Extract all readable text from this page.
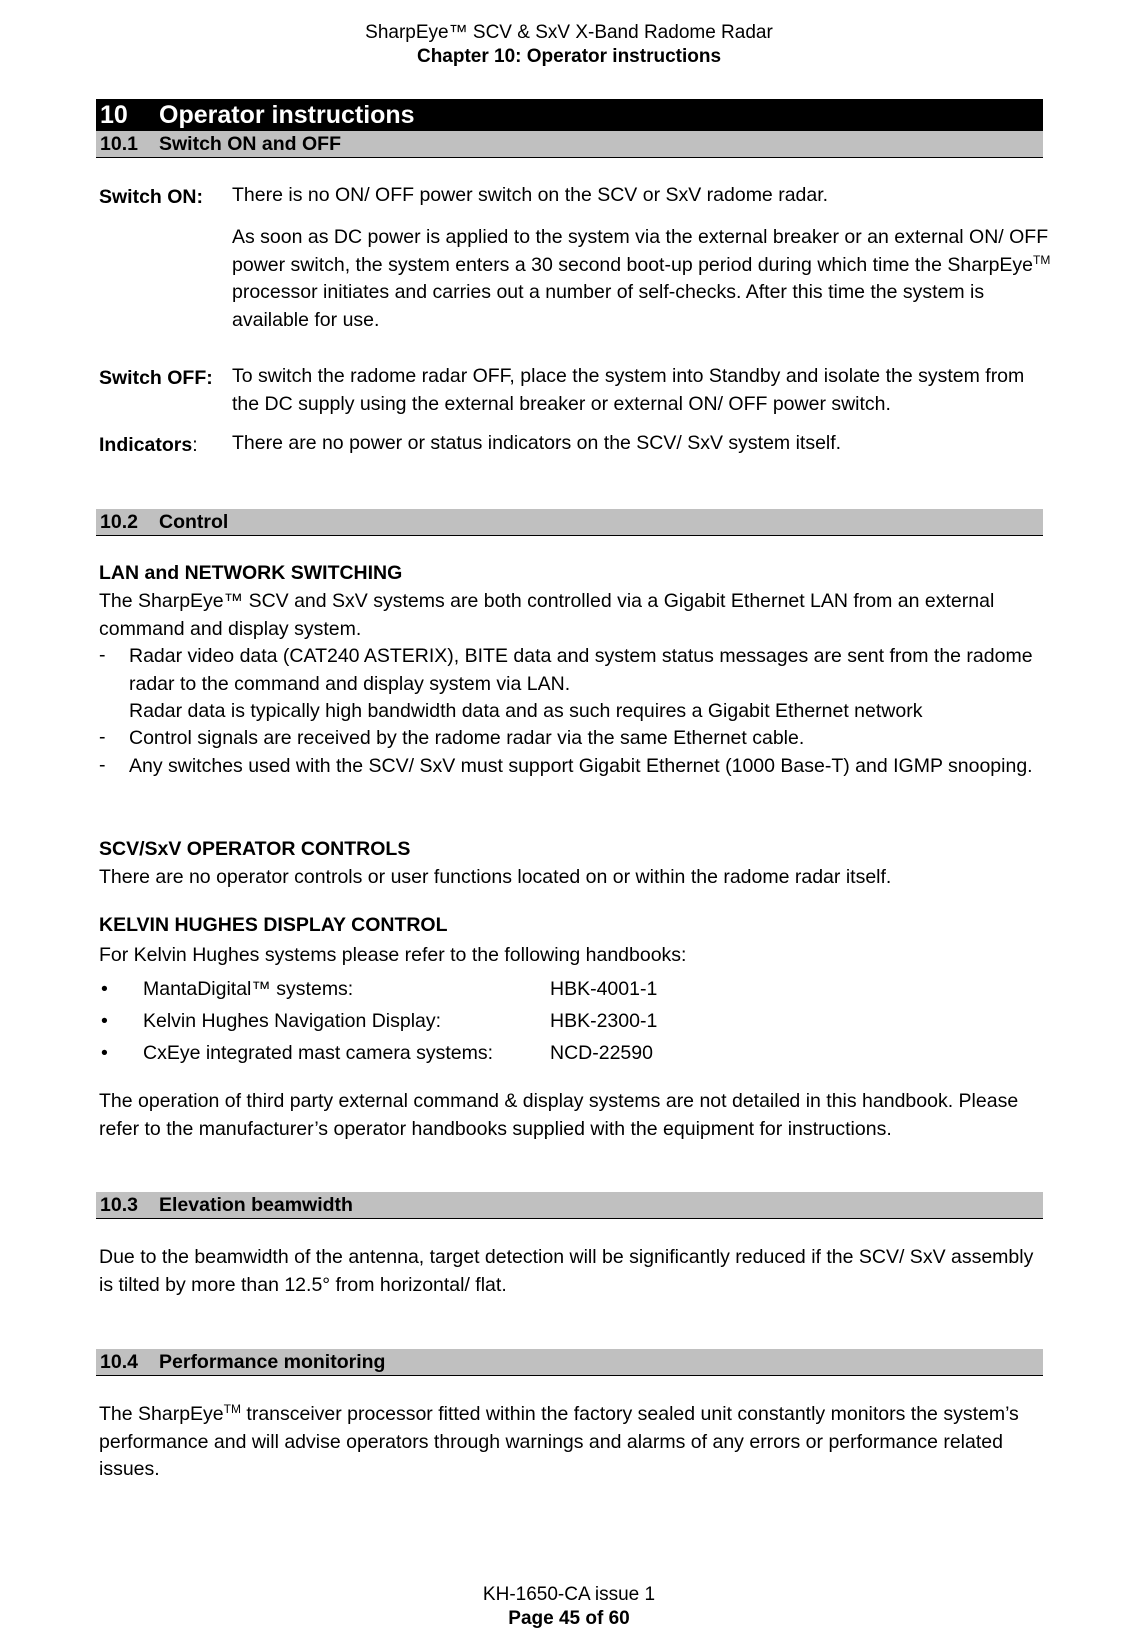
SharpEye™ SCV & SxV X-Band Radome Radar
Chapter 10: Operator instructions
10 Operator instructions
10.1 Switch ON and OFF
Switch ON: There is no ON/ OFF power switch on the SCV or SxV radome radar.
As soon as DC power is applied to the system via the external breaker or an external ON/ OFF power switch, the system enters a 30 second boot-up period during which time the SharpEye™ processor initiates and carries out a number of self-checks. After this time the system is available for use.
Switch OFF: To switch the radome radar OFF, place the system into Standby and isolate the system from the DC supply using the external breaker or external ON/ OFF power switch.
Indicators: There are no power or status indicators on the SCV/ SxV system itself.
10.2 Control
LAN and NETWORK SWITCHING
The SharpEye™ SCV and SxV systems are both controlled via a Gigabit Ethernet LAN from an external command and display system.
- Radar video data (CAT240 ASTERIX), BITE data and system status messages are sent from the radome radar to the command and display system via LAN.
Radar data is typically high bandwidth data and as such requires a Gigabit Ethernet network
- Control signals are received by the radome radar via the same Ethernet cable.
- Any switches used with the SCV/ SxV must support Gigabit Ethernet (1000 Base-T) and IGMP snooping.
SCV/SxV OPERATOR CONTROLS
There are no operator controls or user functions located on or within the radome radar itself.
KELVIN HUGHES DISPLAY CONTROL
For Kelvin Hughes systems please refer to the following handbooks:
• MantaDigital™ systems:	HBK-4001-1
• Kelvin Hughes Navigation Display:	HBK-2300-1
• CxEye integrated mast camera systems:	NCD-22590
The operation of third party external command & display systems are not detailed in this handbook. Please refer to the manufacturer’s operator handbooks supplied with the equipment for instructions.
10.3 Elevation beamwidth
Due to the beamwidth of the antenna, target detection will be significantly reduced if the SCV/ SxV assembly is tilted by more than 12.5° from horizontal/ flat.
10.4 Performance monitoring
The SharpEye™ transceiver processor fitted within the factory sealed unit constantly monitors the system’s performance and will advise operators through warnings and alarms of any errors or performance related issues.
KH-1650-CA issue 1
Page 45 of 60
